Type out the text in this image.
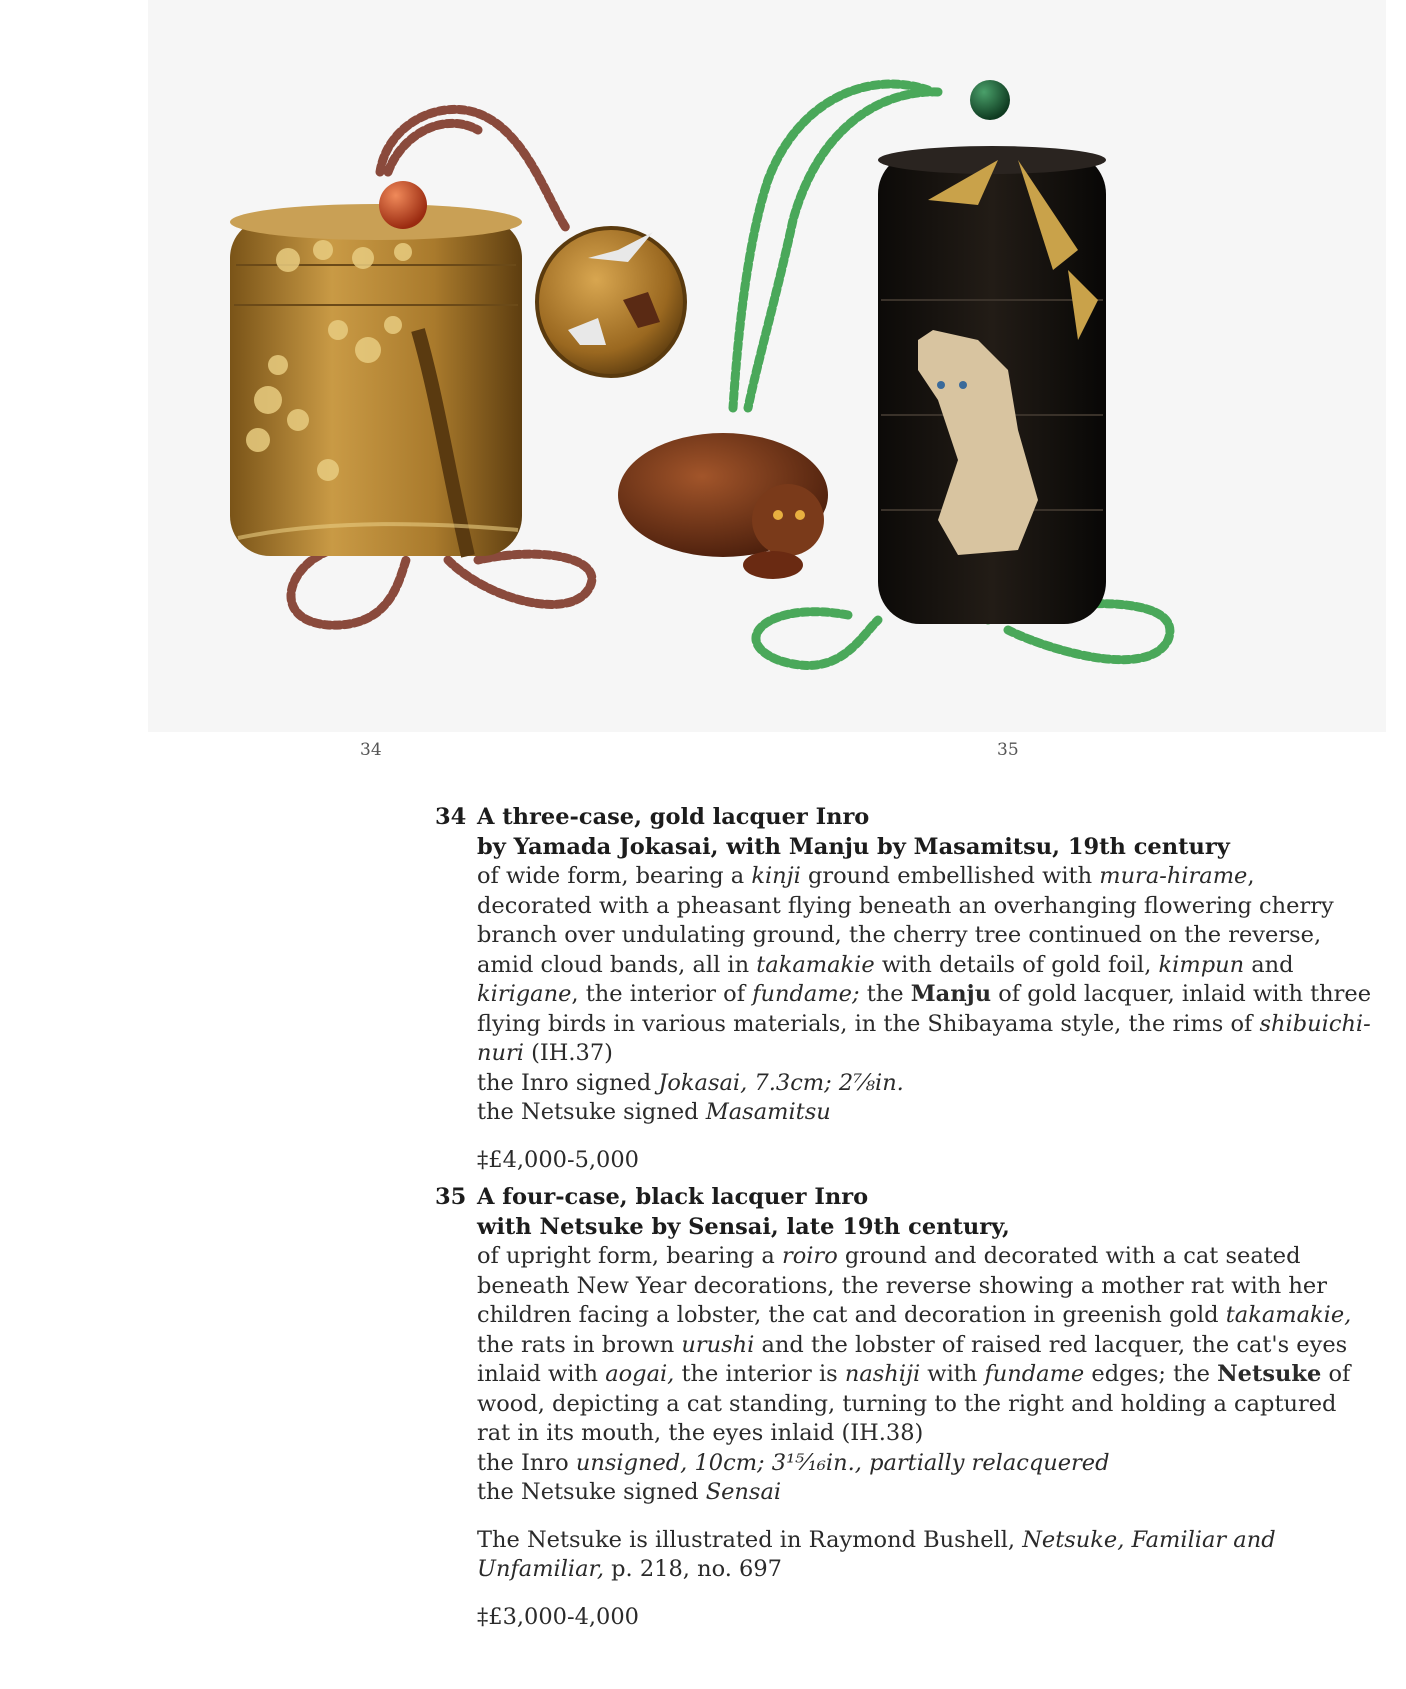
34	35
34 A three-case, gold lacquer Inro
by Yamada Jokasai, with Manju by Masamitsu, 19th century
of wide form, bearing a kinji ground embellished with mura-hirame, decorated with a pheasant flying beneath an overhanging flowering cherry branch over undulating ground, the cherry tree continued on the reverse, amid cloud bands, all in takamakie with details of gold foil, kimpun and kirigane, the interior of fundame; the Manju of gold lacquer, inlaid with three flying birds in various materials, in the Shibayama style, the rims of shibuichi-nuri (IH.37)
the Inro signed Jokasai, 7.3cm; 2⅞in.
the Netsuke signed Masamitsu
‡£4,000-5,000
35 A four-case, black lacquer Inro
with Netsuke by Sensai, late 19th century,
of upright form, bearing a roiro ground and decorated with a cat seated beneath New Year decorations, the reverse showing a mother rat with her children facing a lobster, the cat and decoration in greenish gold takamakie, the rats in brown urushi and the lobster of raised red lacquer, the cat's eyes inlaid with aogai, the interior is nashiji with fundame edges; the Netsuke of wood, depicting a cat standing, turning to the right and holding a captured rat in its mouth, the eyes inlaid (IH.38)
the Inro unsigned, 10cm; 3¹⁵⁄₁₆in., partially relacquered
the Netsuke signed Sensai
The Netsuke is illustrated in Raymond Bushell, Netsuke, Familiar and Unfamiliar, p. 218, no. 697
‡£3,000-4,000
